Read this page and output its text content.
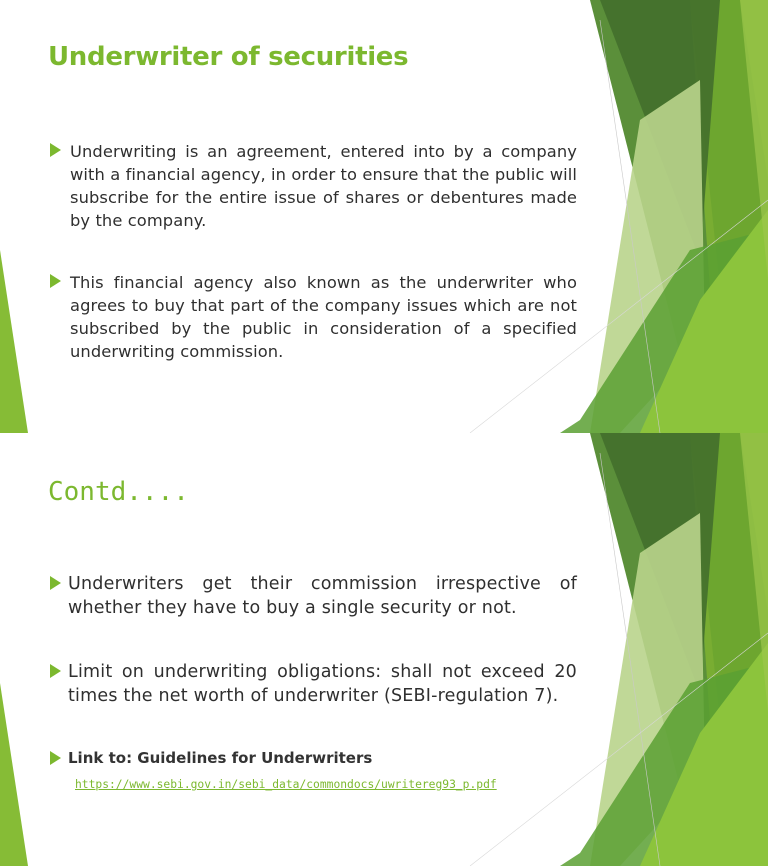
Underwriter of securities

Underwriting is an agreement, entered into by a company with a financial agency, in order to ensure that the public will subscribe for the entire issue of shares or debentures made by the company.

This financial agency also known as the underwriter who agrees to buy that part of the company issues which are not subscribed by the public in consideration of a specified underwriting commission.

Contd....

Underwriters get their commission irrespective of whether they have to buy a single security or not.

Limit on underwriting obligations: shall not exceed 20 times the net worth of underwriter (SEBI-regulation 7).

Link to: Guidelines for Underwriters

https://www.sebi.gov.in/sebi_data/commondocs/uwritereg93_p.pdf
